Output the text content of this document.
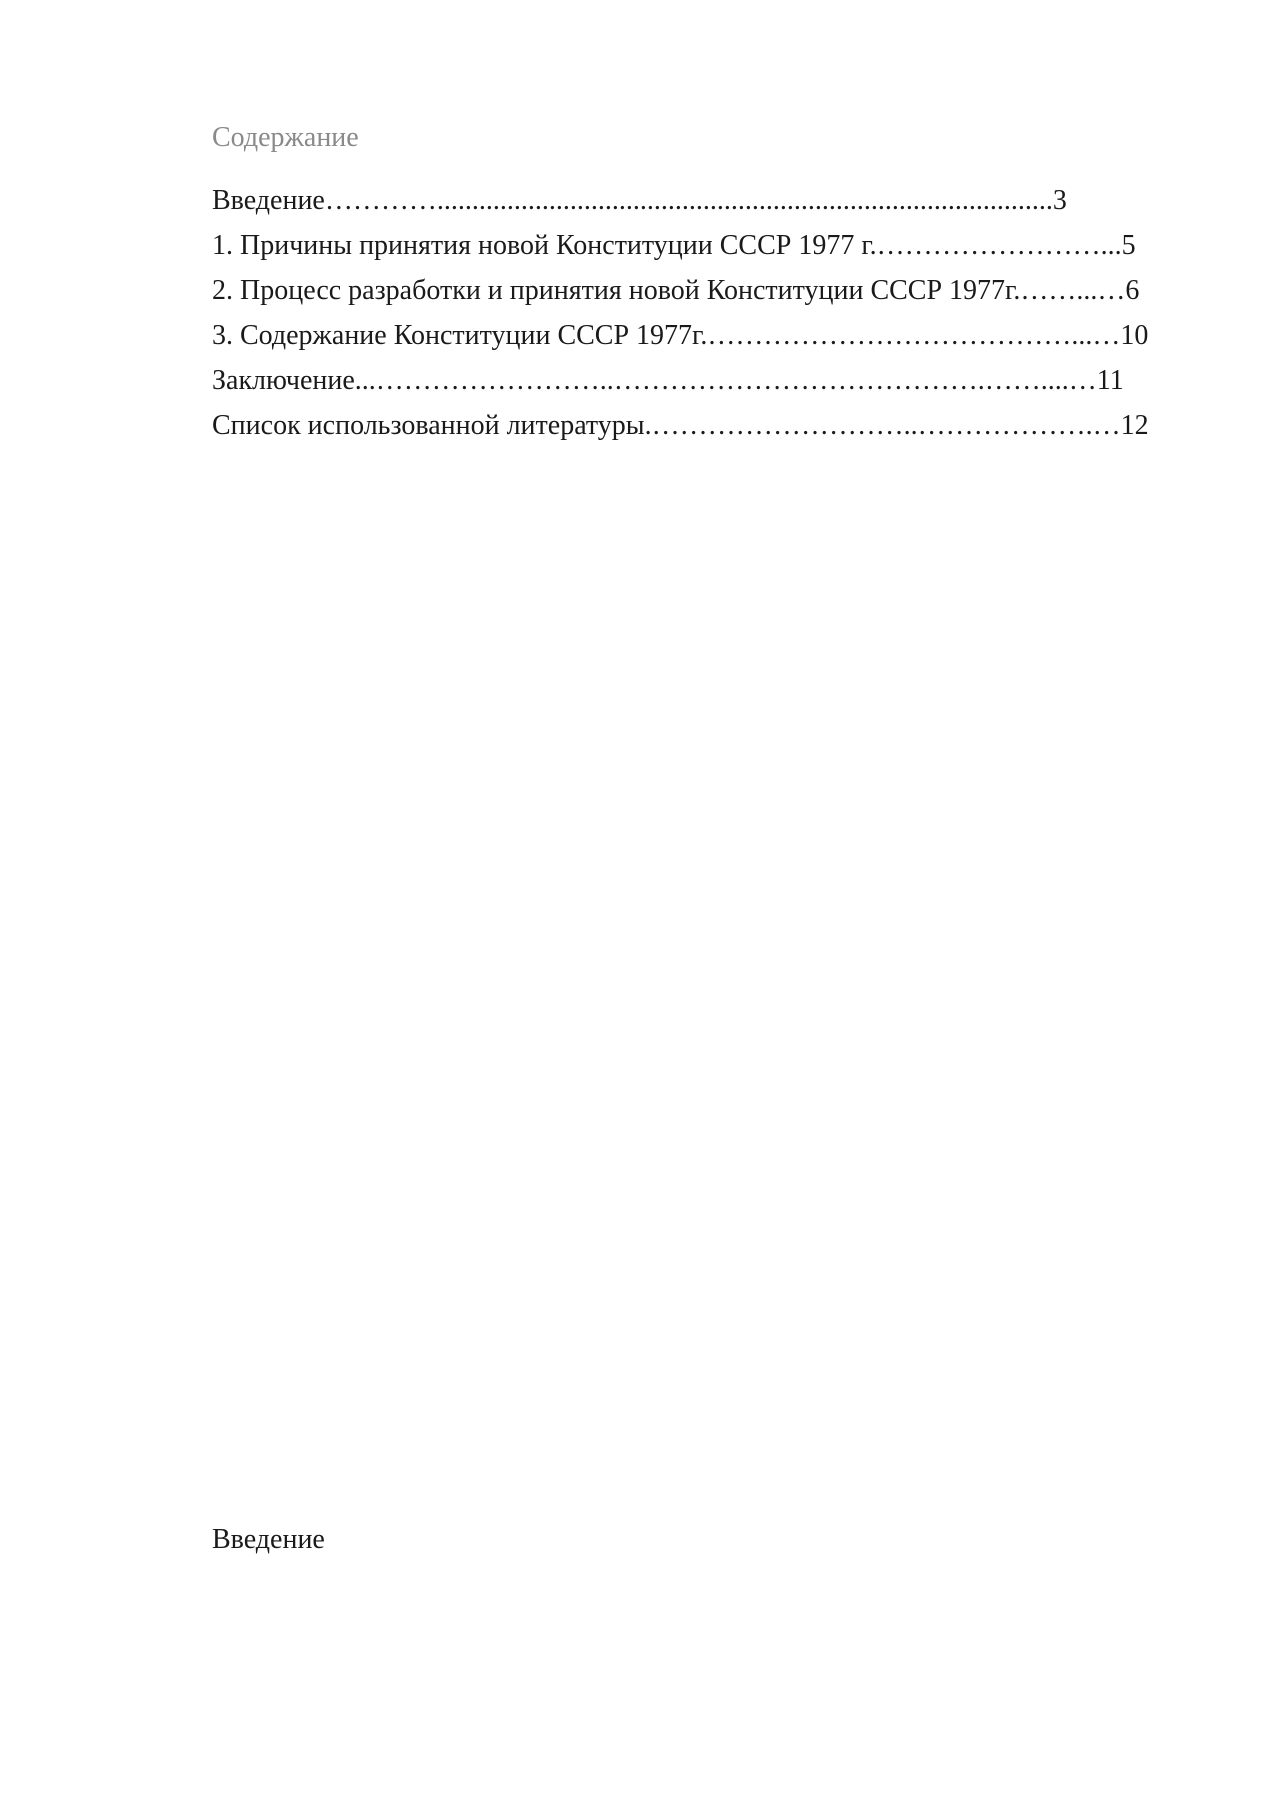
Содержание
Введение…………........................................................................................3
1. Причины принятия новой Конституции СССР 1977 г.……………………...5
2. Процесс разработки и принятия новой Конституции СССР 1977г.……...…6
3. Содержание Конституции СССР 1977г.…………………………………...…10
Заключение...……………………..………………………………….……....…11
Список использованной литературы.………………………..……………….…12
Введение
